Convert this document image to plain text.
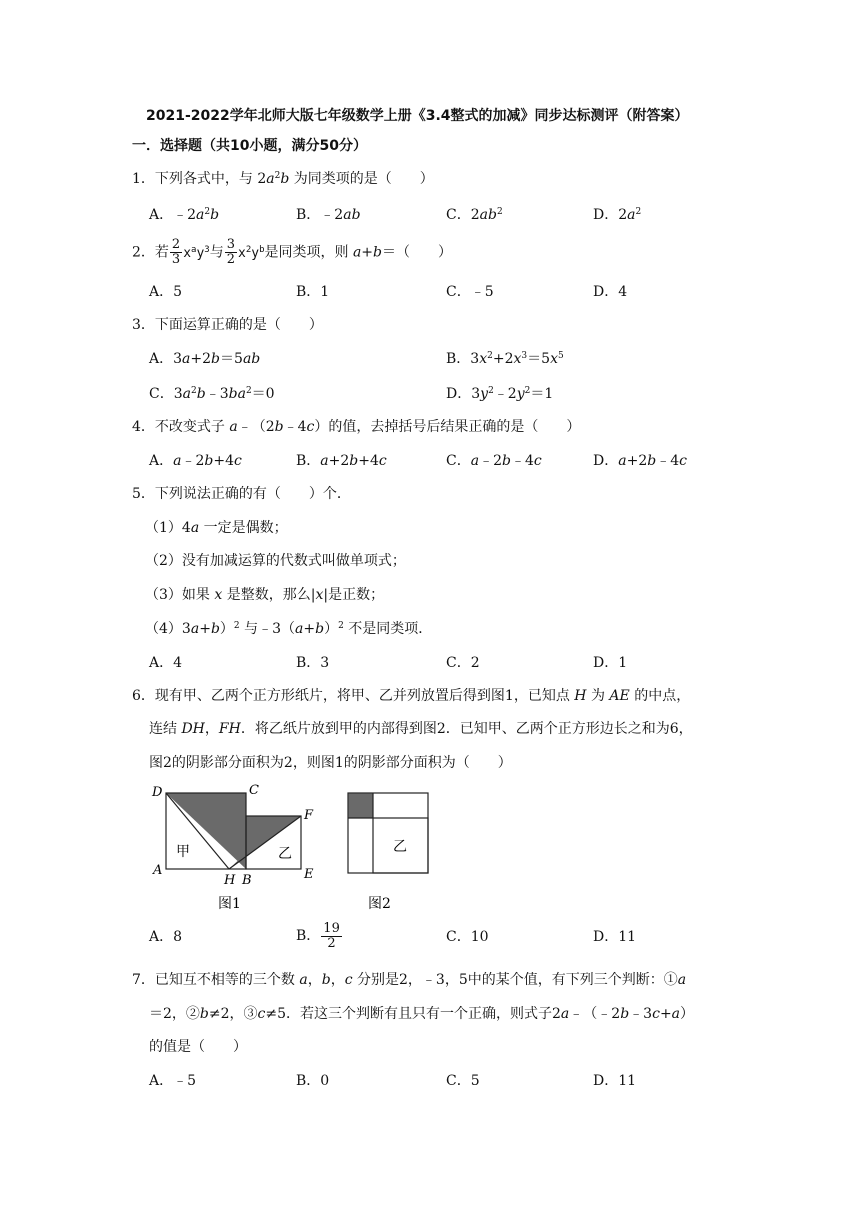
2021-2022学年北师大版七年级数学上册《3.4整式的加减》同步达标测评（附答案）
一．选择题（共10小题，满分50分）
1．下列各式中，与 $2a^2b$ 为同类项的是（　　）
A．$﹣2a^2b$	B．﹣2ab	C．$2ab^2$	D．$2a^2$
2．若 $\frac{2}{3} x^ay^3$与 $\frac{3}{2} x^2y^b$是同类项，则 a+b＝（　　）
A．5	B．1	C．﹣5	D．4
3．下面运算正确的是（　　）
A．3a+2b＝5ab	B．$3x^2+2x^3=5x^5$
C．$3a^2b﹣3ba^2=0$	D．$3y^2﹣2y^2=1$
4．不改变式子 a﹣（2b﹣4c）的值，去掉括号后结果正确的是（　　）
A．a﹣2b+4c	B．a+2b+4c	C．a﹣2b﹣4c	D．a+2b﹣4c
5．下列说法正确的有（　　）个．
（1）4a 一定是偶数；
（2）没有加减运算的代数式叫做单项式；
（3）如果 x 是整数，那么|x|是正数；
（4）3a+b）$^2$ 与$﹣3(a+b)^2$ 不是同类项．
A．4	B．3	C．2	D．1
6．现有甲、乙两个正方形纸片，将甲、乙并列放置后得到图1，已知点 H 为 AE 的中点，
连结 DH，FH．将乙纸片放到甲的内部得到图2．已知甲、乙两个正方形边长之和为6，
图2的阴影部分面积为2，则图1的阴影部分面积为（　　）
D	C
F
A
H B	E
甲	乙
图1
乙
图2
A．8	B． $\frac{19}{2}$	C．10	D．11
7．已知互不相等的三个数 a，b，c 分别是2，﹣3，5中的某个值，有下列三个判断：①a
＝2，②b≠2，③c≠5．若这三个判断有且只有一个正确，则式子2a﹣（﹣2b﹣3c+a）
的值是（　　）
A．﹣5	B．0	C．5	D．11
